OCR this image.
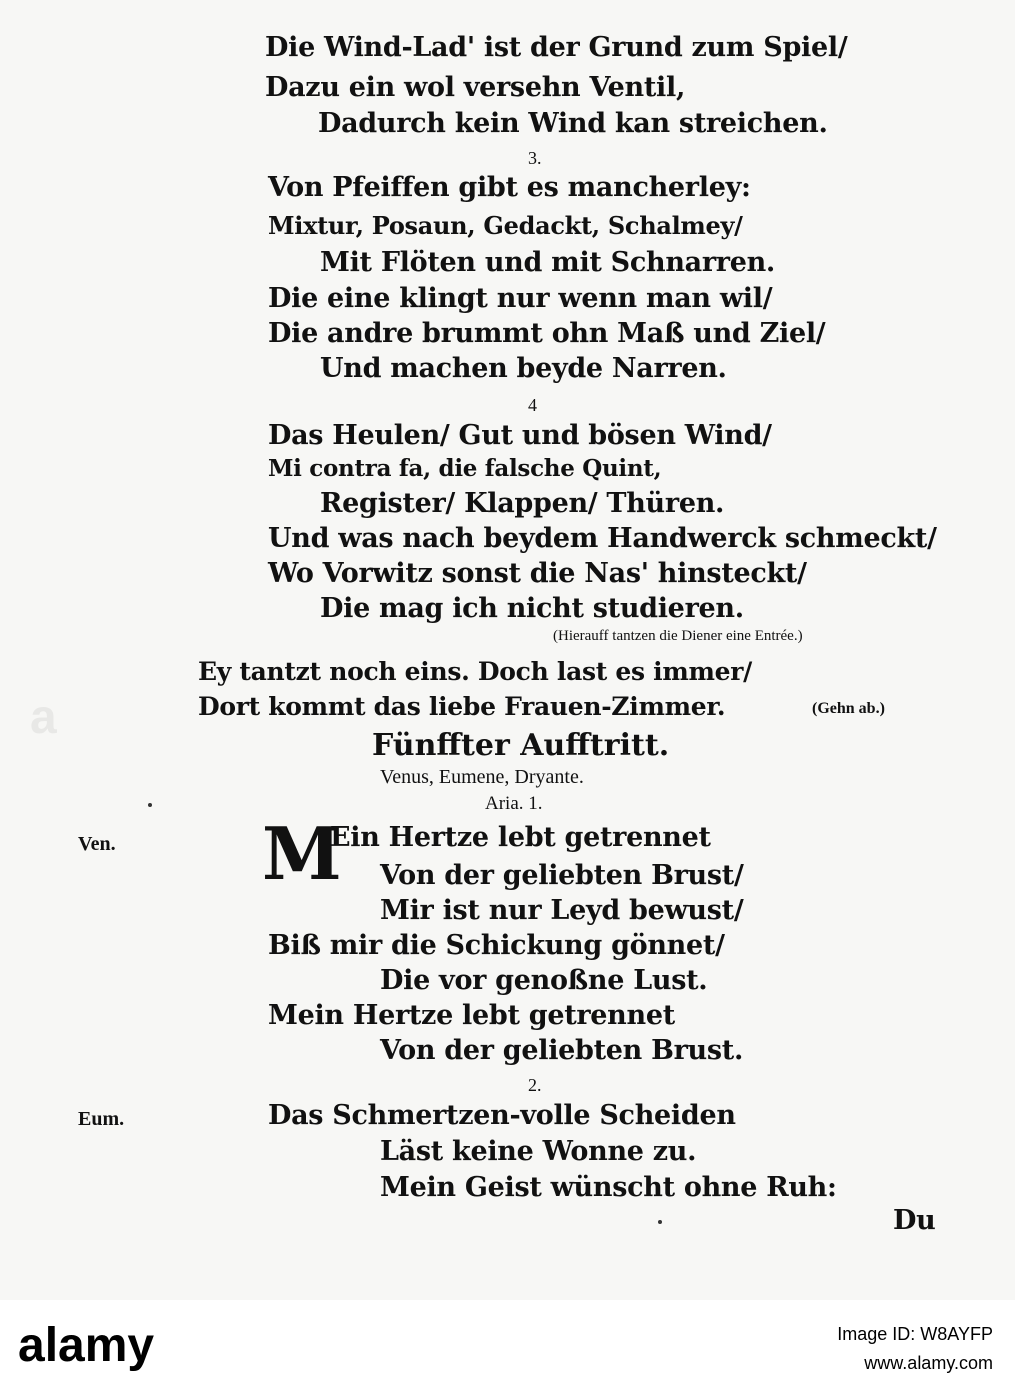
a
Die Wind-Lad' ist der Grund zum Spiel/
Dazu ein wol versehn Ventil,
Dadurch kein Wind kan streichen.
3.
Von Pfeiffen gibt es mancherley:
Mixtur, Posaun, Gedackt, Schalmey/
Mit Flöten und mit Schnarren.
Die eine klingt nur wenn man wil/
Die andre brummt ohn Maß und Ziel/
Und machen beyde Narren.
4
Das Heulen/ Gut und bösen Wind/
Mi contra fa, die falsche Quint,
Register/ Klappen/ Thüren.
Und was nach beydem Handwerck schmeckt/
Wo Vorwitz sonst die Nas' hinsteckt/
Die mag ich nicht studieren.
(Hierauff tantzen die Diener eine Entrée.)
Ey tantzt noch eins. Doch last es immer/
Dort kommt das liebe Frauen-Zimmer.	(Gehn ab.)
Fünffter Aufftritt.
Venus, Eumene, Dryante.
Aria. 1.
Ven. M
Ein Hertze lebt getrennet
Von der geliebten Brust/
Mir ist nur Leyd bewust/
Biß mir die Schickung gönnet/
Die vor genoßne Lust.
Mein Hertze lebt getrennet
Von der geliebten Brust.
2.
Eum.	Das Schmertzen-volle Scheiden
Läst keine Wonne zu.
Mein Geist wünscht ohne Ruh:
Du
alamy	Image ID: W8AYFP
www.alamy.com
